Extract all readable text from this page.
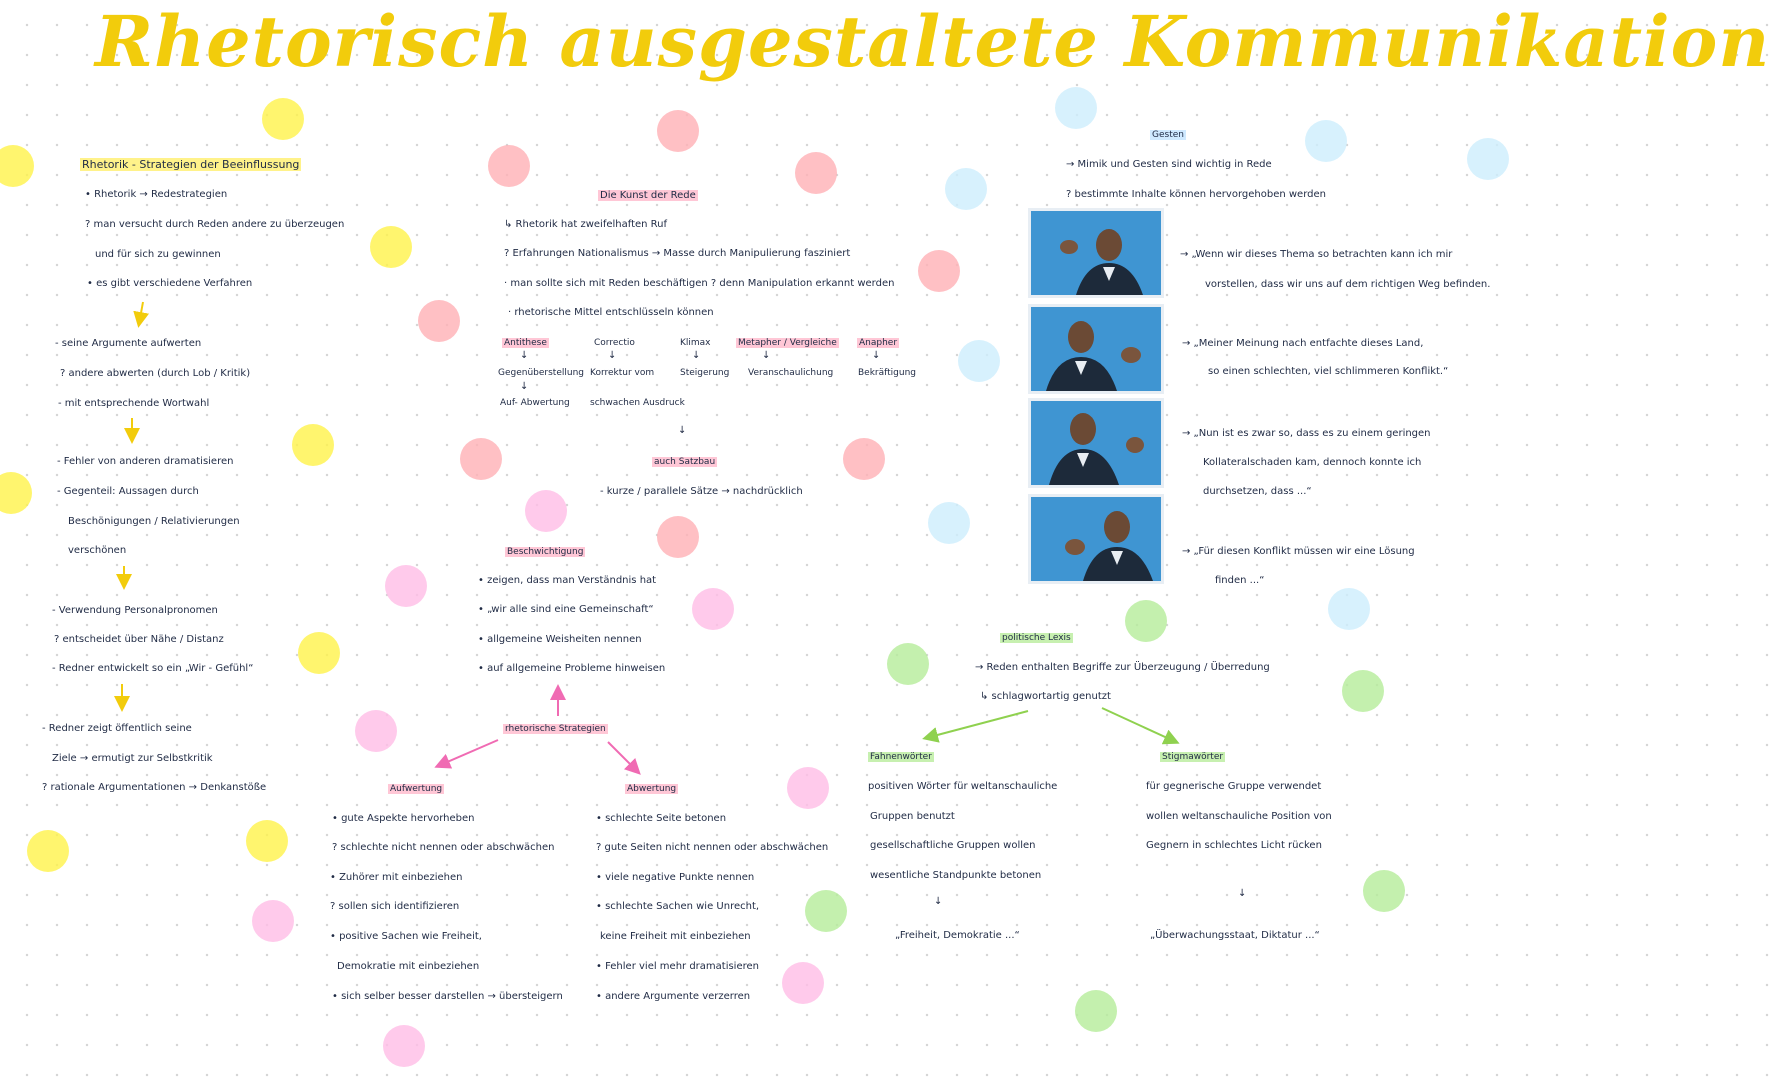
Rhetorisch ausgestaltete Kommunikation
Rhetorik - Strategien der Beeinflussung
• Rhetorik → Redestrategien
? man versucht durch Reden andere zu überzeugen
und für sich zu gewinnen
• es gibt verschiedene Verfahren
- seine Argumente aufwerten
? andere abwerten (durch Lob / Kritik)
- mit entsprechende Wortwahl
- Fehler von anderen dramatisieren
- Gegenteil: Aussagen durch
Beschönigungen / Relativierungen
verschönen
- Verwendung Personalpronomen
? entscheidet über Nähe / Distanz
- Redner entwickelt so ein „Wir - Gefühl“
- Redner zeigt öffentlich seine
Ziele → ermutigt zur Selbstkritik
? rationale Argumentationen → Denkanstöße
Die Kunst der Rede
↳ Rhetorik hat zweifelhaften Ruf
? Erfahrungen Nationalismus → Masse durch Manipulierung fasziniert
· man sollte sich mit Reden beschäftigen ? denn Manipulation erkannt werden
· rhetorische Mittel entschlüsseln können
Antithese
↓
Gegenüberstellung
↓
Auf- Abwertung
Correctio
↓
Korrektur vom
schwachen Ausdruck
Klimax
↓
Steigerung
Metapher / Vergleiche
↓
Veranschaulichung
Anapher
↓
Bekräftigung
↓
auch Satzbau
- kurze / parallele Sätze → nachdrücklich
Beschwichtigung
• zeigen, dass man Verständnis hat
• „wir alle sind eine Gemeinschaft“
• allgemeine Weisheiten nennen
• auf allgemeine Probleme hinweisen
rhetorische Strategien
Aufwertung
• gute Aspekte hervorheben
? schlechte nicht nennen oder abschwächen
• Zuhörer mit einbeziehen
? sollen sich identifizieren
• positive Sachen wie Freiheit,
Demokratie mit einbeziehen
• sich selber besser darstellen → übersteigern
Abwertung
• schlechte Seite betonen
? gute Seiten nicht nennen oder abschwächen
• viele negative Punkte nennen
• schlechte Sachen wie Unrecht,
keine Freiheit mit einbeziehen
• Fehler viel mehr dramatisieren
• andere Argumente verzerren
Gesten
→ Mimik und Gesten sind wichtig in Rede
? bestimmte Inhalte können hervorgehoben werden
→ „Wenn wir dieses Thema so betrachten kann ich mir
vorstellen, dass wir uns auf dem richtigen Weg befinden.
→ „Meiner Meinung nach entfachte dieses Land,
so einen schlechten, viel schlimmeren Konflikt.“
→ „Nun ist es zwar so, dass es zu einem geringen
Kollateralschaden kam, dennoch konnte ich
durchsetzen, dass ...“
→ „Für diesen Konflikt müssen wir eine Lösung
finden ...“
politische Lexis
→ Reden enthalten Begriffe zur Überzeugung / Überredung
↳ schlagwortartig genutzt
Fahnenwörter
positiven Wörter für weltanschauliche
Gruppen benutzt
gesellschaftliche Gruppen wollen
wesentliche Standpunkte betonen
↓
„Freiheit, Demokratie ...“
Stigmawörter
für gegnerische Gruppe verwendet
wollen weltanschauliche Position von
Gegnern in schlechtes Licht rücken
↓
„Überwachungsstaat, Diktatur ...“
